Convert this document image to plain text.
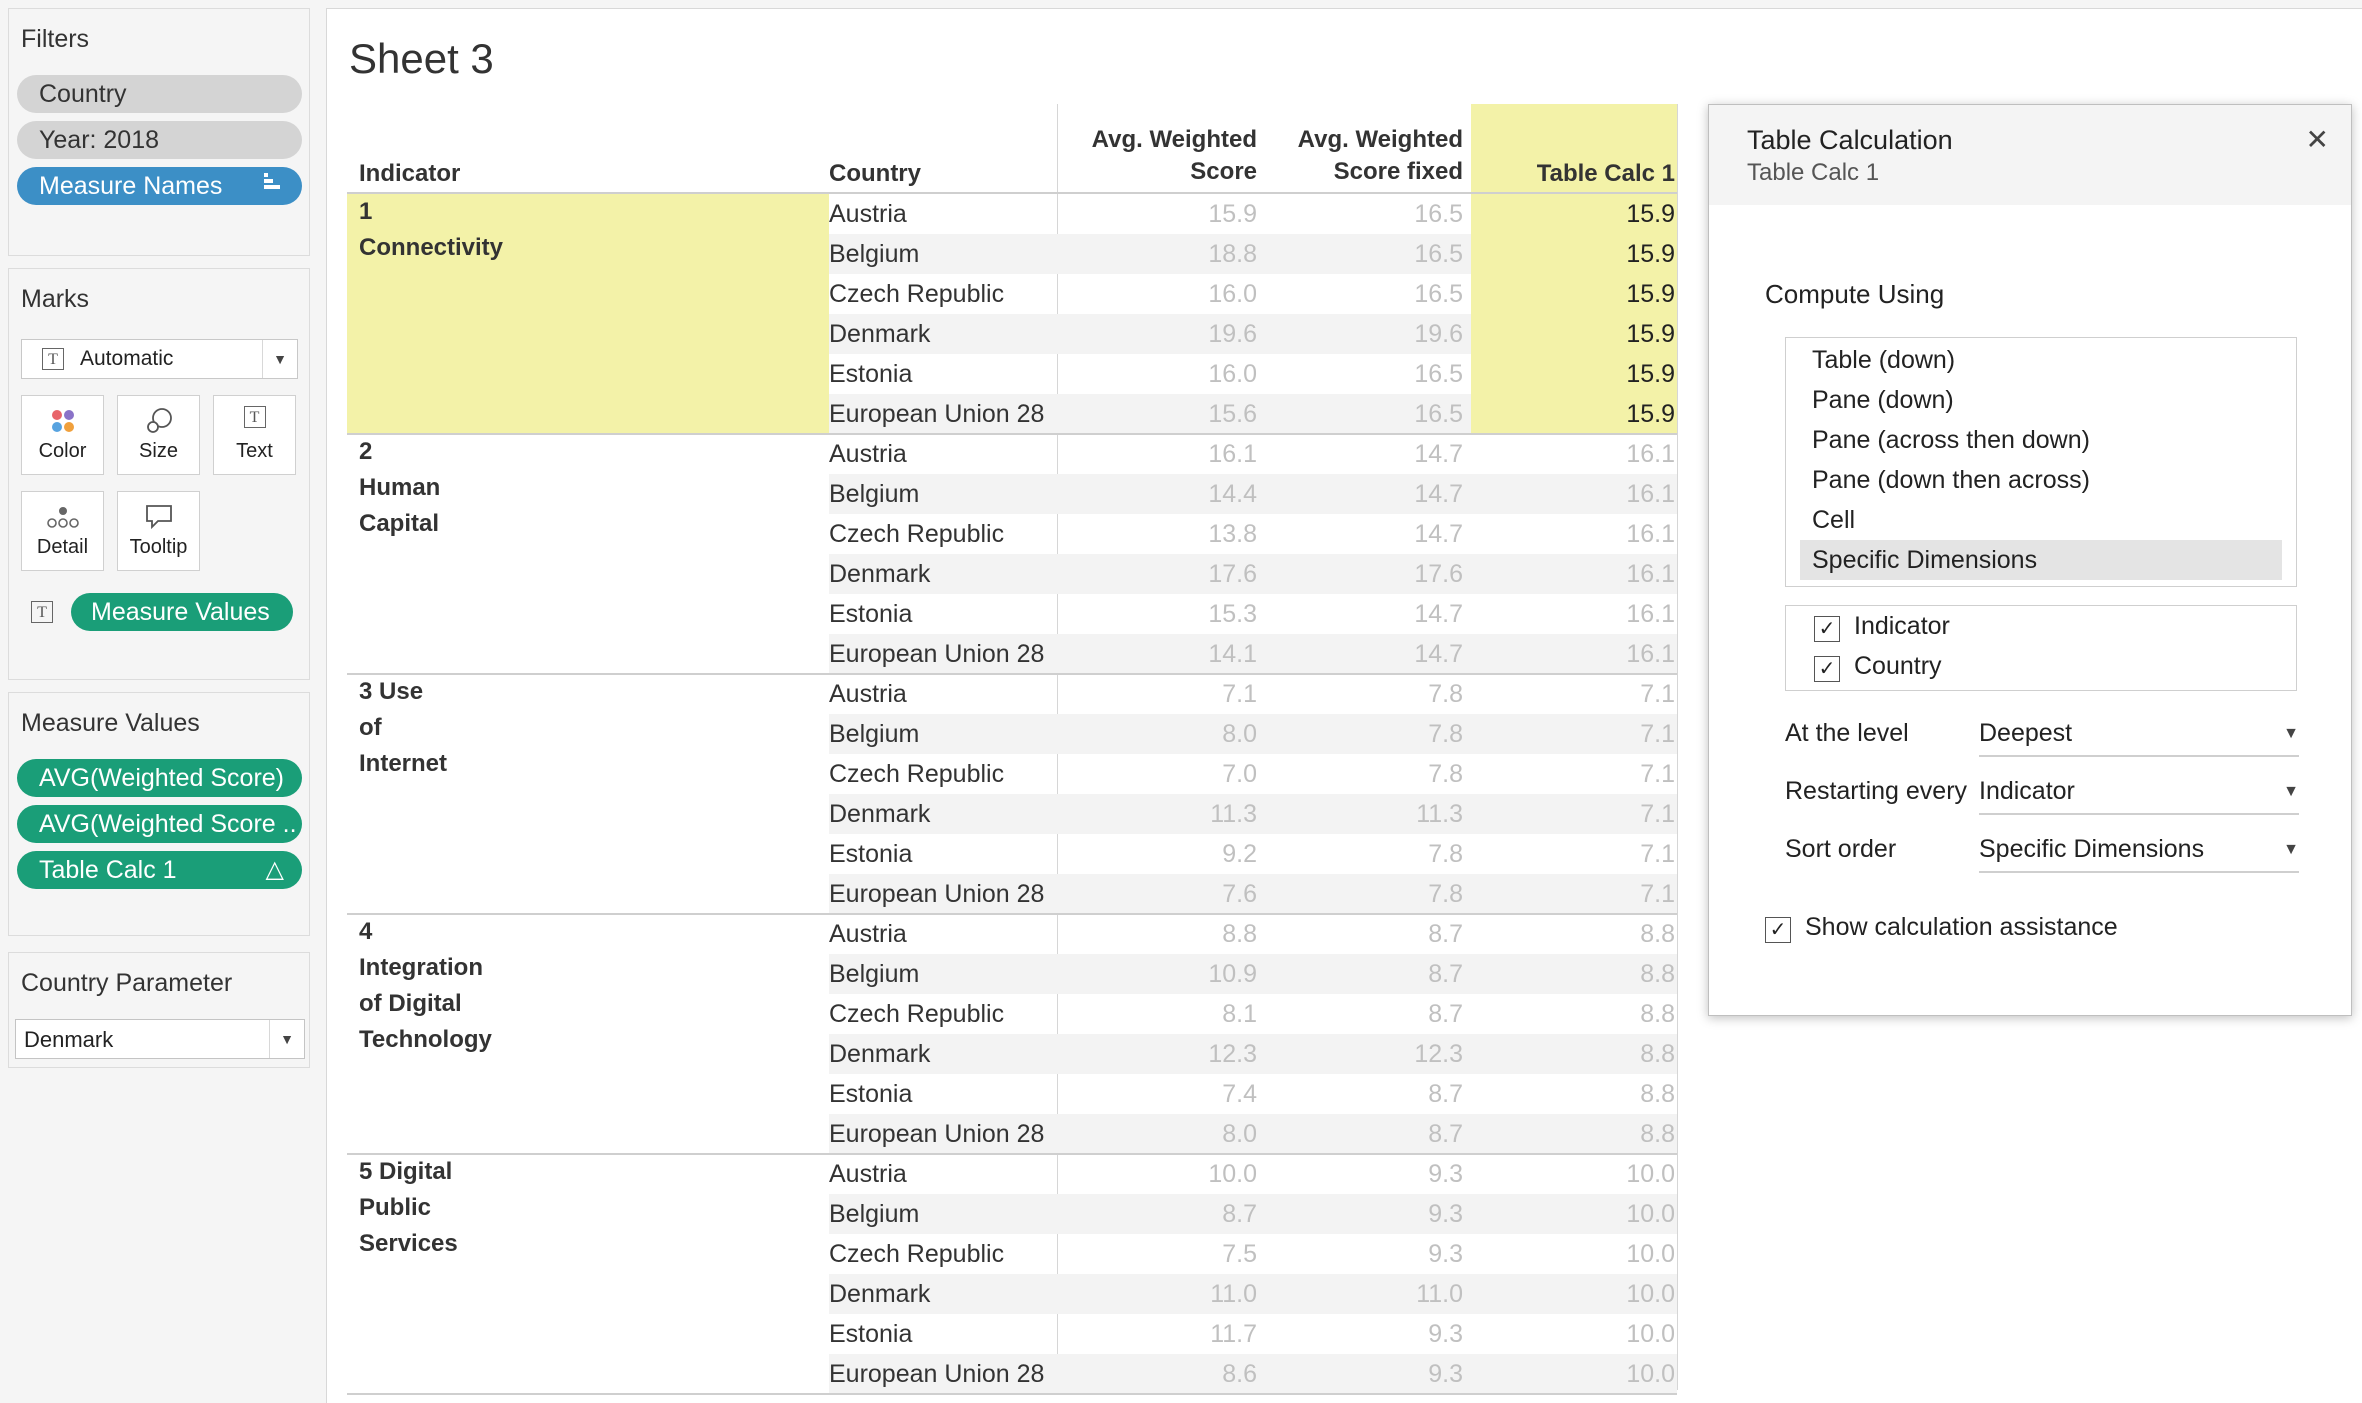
Filters
Country
Year: 2018
Measure Names
Marks
T Automatic	▼
Color	Size
T
Text
Detail	Tooltip
T	Measure Values
Measure Values
AVG(Weighted Score)
AVG(Weighted Score ..
Table Calc 1	△
Country Parameter
Denmark	▼
Sheet 3
Indicator	Country
Avg. Weighted
Score
Avg. Weighted
Score fixed	Table Calc 1
1 Connectivity
Austria	15.9	16.5	15.9
Belgium	18.8	16.5	15.9
Czech Republic	16.0	16.5	15.9
Denmark	19.6	19.6	15.9
Estonia	16.0	16.5	15.9
European Union 28	15.6	16.5	15.9
2 Human Capital
Austria	16.1	14.7	16.1
Belgium	14.4	14.7	16.1
Czech Republic	13.8	14.7	16.1
Denmark	17.6	17.6	16.1
Estonia	15.3	14.7	16.1
European Union 28	14.1	14.7	16.1
3 Use of Internet
Austria	7.1	7.8	7.1
Belgium	8.0	7.8	7.1
Czech Republic	7.0	7.8	7.1
Denmark	11.3	11.3	7.1
Estonia	9.2	7.8	7.1
European Union 28	7.6	7.8	7.1
4 Integration of Digital Technology
Austria	8.8	8.7	8.8
Belgium	10.9	8.7	8.8
Czech Republic	8.1	8.7	8.8
Denmark	12.3	12.3	8.8
Estonia	7.4	8.7	8.8
European Union 28	8.0	8.7	8.8
5 Digital Public Services
Austria	10.0	9.3	10.0
Belgium	8.7	9.3	10.0
Czech Republic	7.5	9.3	10.0
Denmark	11.0	11.0	10.0
Estonia	11.7	9.3	10.0
European Union 28	8.6	9.3	10.0
Table Calculation
Table Calc 1
✕
Compute Using
Table (down)
Pane (down)
Pane (across then down)
Pane (down then across)
Cell
Specific Dimensions
✓ Indicator
✓ Country
At the level	Deepest	▼
Restarting every Indicator	▼
Sort order	Specific Dimensions	▼
✓ Show calculation assistance
